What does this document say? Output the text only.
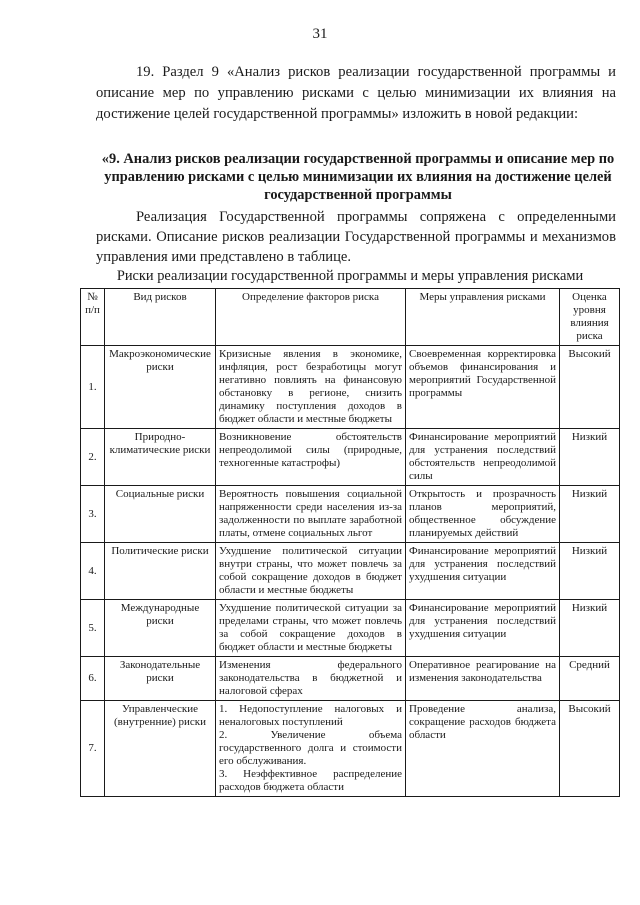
31

19. Раздел 9 «Анализ рисков реализации государственной программы и описание мер по управлению рисками с целью минимизации их влияния на достижение целей государственной программы» изложить в новой редакции:

«9. Анализ рисков реализации государственной программы и описание мер по управлению рисками с целью минимизации их влияния на достижение целей государственной программы

Реализация Государственной программы сопряжена с определенными рисками. Описание рисков реализации Государственной программы и механизмов управления ими представлено в таблице.

Риски реализации государственной программы и меры управления рисками
№ п/п	Вид рисков	Определение факторов риска	Меры управления рисками	Оценка уровня влияния риска
1.	Макроэкономические риски	Кризисные явления в экономике, инфляция, рост безработицы могут негативно повлиять на финансовую обстановку в регионе, снизить динамику поступления доходов в бюджет области и местные бюджеты	Своевременная корректировка объемов финансирования и мероприятий Государственной программы	Высокий
2.	Природно-климатические риски	Возникновение обстоятельств непреодолимой силы (природные, техногенные катастрофы)	Финансирование мероприятий для устранения последствий обстоятельств непреодолимой силы	Низкий
3.	Социальные риски	Вероятность повышения социальной напряженности среди населения из-за задолженности по выплате заработной платы, отмене социальных льгот	Открытость и прозрачность планов мероприятий, общественное обсуждение планируемых действий	Низкий
4.	Политические риски	Ухудшение политической ситуации внутри страны, что может повлечь за собой сокращение доходов в бюджет области и местные бюджеты	Финансирование мероприятий для устранения последствий ухудшения ситуации	Низкий
5.	Международные риски	Ухудшение политической ситуации за пределами страны, что может повлечь за собой сокращение доходов в бюджет области и местные бюджеты	Финансирование мероприятий для устранения последствий ухудшения ситуации	Низкий
6.	Законодательные риски	Изменения федерального законодательства в бюджетной и налоговой сферах	Оперативное реагирование на изменения законодательства	Средний
7.	Управленческие (внутренние) риски	1. Недопоступление налоговых и неналоговых поступлений
2. Увеличение объема государственного долга и стоимости его обслуживания.
3. Неэффективное распределение расходов бюджета области	Проведение анализа, сокращение расходов бюджета области	Высокий
